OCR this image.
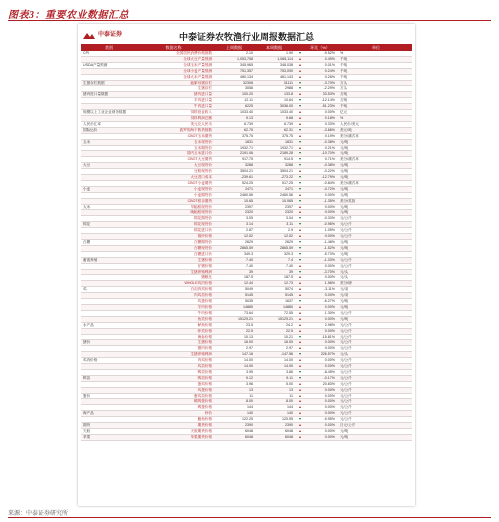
图表3：重要农业数据汇总
中泰证券	中泰证券农牧渔行业周报数据汇总
类别	数据名称	上周数据	本周数据	环比（%）	单位
CPI	全国居民消费价格指数	2.10	1.90	▼	-9.52%	%
全球大豆产量预测	1,053,758	1,065,114	▲	0.49%	千吨
USDA产量预测	全球玉米产量预测	345,965	348,038	▲	0.01%	千吨
全球小麦产量预测	751,357	753,090	▲	0.24%	千吨
全球大米产量预测	480,134	481,143	▲	0.26%	千吨
生猪存栏数据	能繁母猪存栏	32306	31111	▼	-3.70%	万头
生猪存栏	3058	2988	▼	-2.29%	万头
猪肉进口量数据	猪肉进口量	100.20	133.8	▲	33.53%	万吨
羊肉进口量	12.11	10.64	▼	-12.14%	万吨
牛肉进口量	6225	3036.00	▼	-51.23%	千吨
规模以上工业企业财务数据	饲料营业收入	1033.40	1033.40	▲	0.00%	亿元
饲料利润总额	9.13	9.68	▲	0.18%	%
人民币汇率	美元兑人民币	6.739	6.739	▲	0.33%	人民币/美元
国际运价	波罗的海干散货指数	62.75	62.31	▼	-3.66%	美元/吨
CBOT玉米期货	375.75	375.75	▲	0.19%	美分/蒲式耳
玉米	玉米现货价	1831	1831	▼	-0.38%	元/吨
玉米期货价	1932.71	1932.71	▲	0.21%	元/吨
国内玉米进口价	2191.06	2189.28	▼	-10.70%	元/吨
CBOT大豆期货	917.75	914.5	▼	0.71%	美分/蒲式耳
大豆	大豆现货价	3288	3288	▼	-0.38%	元/吨
豆粕现货价	3504.21	3504.21	▲	-0.22%	元/吨
大豆进口成本	-239.61	-273.22	▼	-12.79%	元/吨
CBOT小麦期货	524.25	517.25	▼	-0.84%	美分/蒲式耳
小麦	小麦现货价	2471	2471	▼	-0.72%	元/吨
小麦期货价	2460.56	2460.56	▲	0.00%	元/吨
CBOT稻谷期货	10.65	10.065	▼	-1.35%	美分/英担
大米	早籼稻现货价	2397	2397	▲	0.00%	元/吨
晚籼稻现货价	2320	2320	▲	0.00%	元/吨
棉花期货价	3.05	3.04	▼	-0.33%	元/公斤
棉花	棉花现货价	3.14	3.11	▼	-0.96%	元/公斤
棉花进口价	2.87	2.9	▲	1.05%	元/公斤
棉纱价格	12.52	12.52	▲	0.00%	元/公斤
白糖	白糖期货价	2629	2629	▼	-1.48%	元/吨
白糖现货价	2865.59	2865.59	▼	-1.52%	元/吨
白糖进口价	349.3	329.3	▼	-5.73%	元/吨
畜禽养殖	生猪价格	7.40	7.4	▼	-1.33%	元/公斤
仔猪价格	7.40	7.40	▲	0.00%	元/公斤
生猪养殖利润	39	39	▼	-3.70%	元/头
猪粮比	187.5	187.5	▲	0.00%	元/头
WHOLE鸡肉价格	12.44	12.73	▲	1.96%	美分/磅
鸡	白羽肉鸡价格	5049	5074	▲	-3.11%	元/羽
肉鸡苗价格	5145	5145	▲	0.00%	元/羽
鸡蛋价格	5035	1637	▼	-6.27%	元/吨
羊肉价格	14880	14880	▲	0.00%	元/吨
牛肉价格	73.64	72.55	▲	1.30%	元/公斤
鱼类价格	15129.21	15129.21	▲	0.00%	元/吨
水产品	鲈鱼价格	23.5	24.2	▲	2.98%	元/公斤
虾类价格	22.5	22.5	▲	0.00%	元/公斤
海参价格	10.13	10.21	▼	-15.81%	元/公斤
猪价	生猪价格	16.00	16.00	▲	0.00%	元/公斤
猪肉价格	2.97	2.97	▲	0.00%	元/公斤
生猪养殖利润	147.16	-147.56	▼	226.57%	元/头
鸡肉价格	肉鸡价格	14.00	14.00	▲	0.00%	元/公斤
鸡苗价格	14.00	14.00	▲	0.00%	元/公斤
鸭苗价格	3.95	3.86	▼	-8.45%	元/公斤
鸭苗	鸭苗价格	9.12	9.11	▼	-0.17%	元/公斤
蛋鸡价格	3.96	5.00	▲	20.83%	元/公斤
鸡蛋价格	13	13	▲	0.00%	元/公斤
蛋价	蛋鸡苗价格	11	11	▲	0.00%	元/公斤
鹌鹑蛋价格	8.00	8.00	▲	0.00%	元/公斤
鸭蛋价格	144	144	▲	0.00%	元/公斤
海产品	虾价	140	140	▲	0.00%	元/公斤
鲍鱼价格	122.25	120.95	▼	-9.95%	元/公斤
期货	期货价格	2390	2390	▲	0.00%	日元/公斤
天胶	天胶期货价格	6048	6048	▲	0.00%	元/吨
苹果	苹果期货价格	6048	6048	▲	0.00%	元/吨
来源：中泰证券研究所
